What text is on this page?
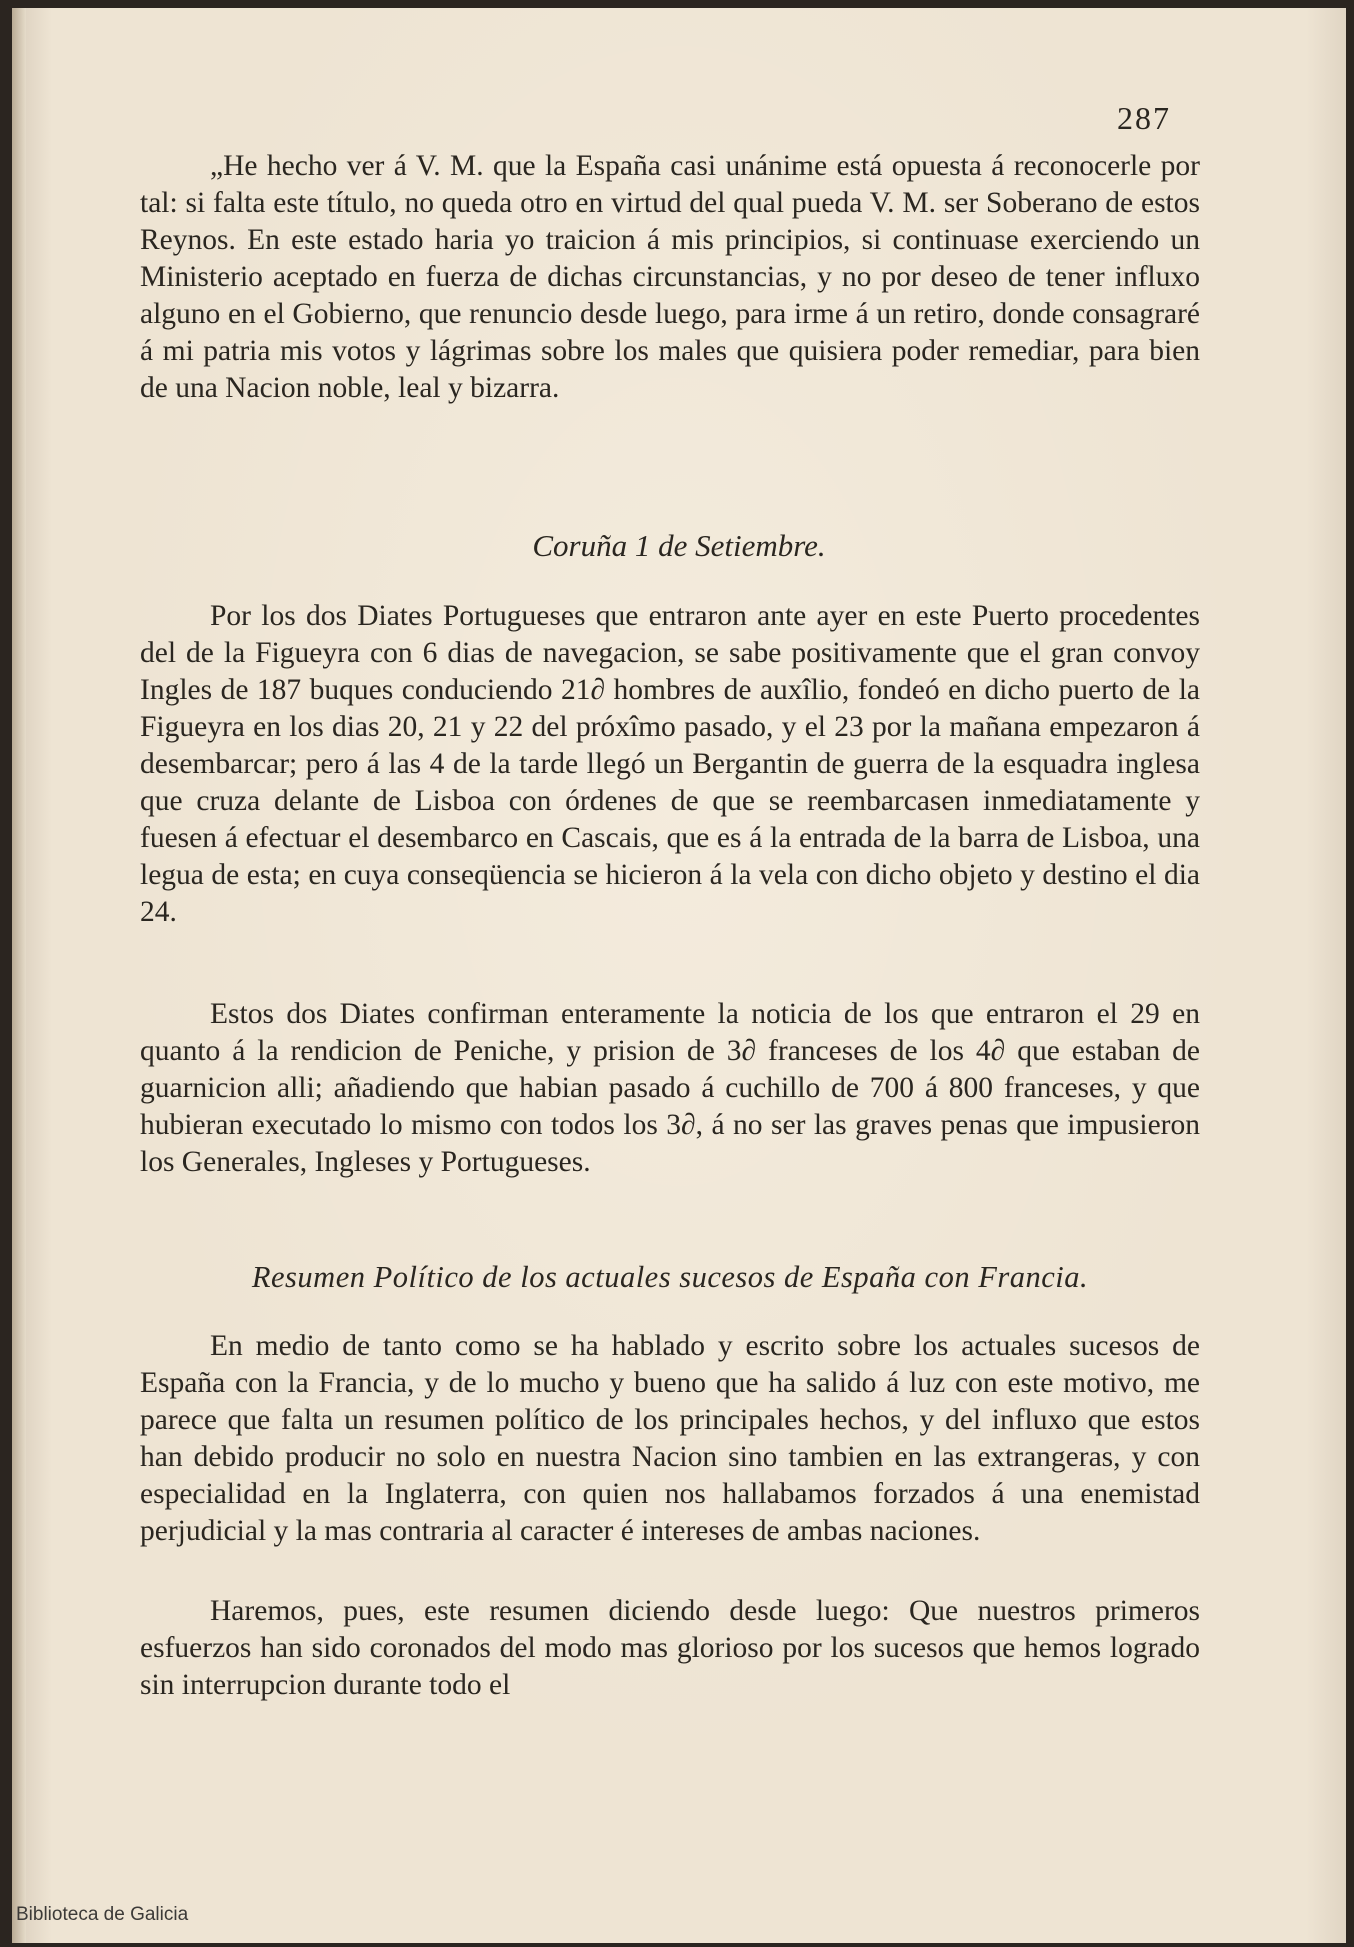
287

„He hecho ver á V. M. que la España casi unánime está opuesta á reconocerle por tal: si falta este título, no queda otro en virtud del qual pueda V. M. ser Soberano de estos Reynos. En este estado haria yo traicion á mis principios, si continuase exerciendo un Ministerio aceptado en fuerza de dichas circunstancias, y no por deseo de tener influxo alguno en el Gobierno, que renuncio desde luego, para irme á un retiro, donde consagraré á mi patria mis votos y lágrimas sobre los males que quisiera poder remediar, para bien de una Nacion noble, leal y bizarra.

Coruña 1 de Setiembre.

Por los dos Diates Portugueses que entraron ante ayer en este Puerto procedentes del de la Figueyra con 6 dias de navegacion, se sabe positivamente que el gran convoy Ingles de 187 buques conduciendo 21∂ hombres de auxîlio, fondeó en dicho puerto de la Figueyra en los dias 20, 21 y 22 del próxîmo pasado, y el 23 por la mañana empezaron á desembarcar; pero á las 4 de la tarde llegó un Bergantin de guerra de la esquadra inglesa que cruza delante de Lisboa con órdenes de que se reembarcasen inmediatamente y fuesen á efectuar el desembarco en Cascais, que es á la entrada de la barra de Lisboa, una legua de esta; en cuya conseqüencia se hicieron á la vela con dicho objeto y destino el dia 24.

Estos dos Diates confirman enteramente la noticia de los que entraron el 29 en quanto á la rendicion de Peniche, y prision de 3∂ franceses de los 4∂ que estaban de guarnicion alli; añadiendo que habian pasado á cuchillo de 700 á 800 franceses, y que hubieran executado lo mismo con todos los 3∂, á no ser las graves penas que impusieron los Generales, Ingleses y Portugueses.

Resumen Político de los actuales sucesos de España con Francia.

En medio de tanto como se ha hablado y escrito sobre los actuales sucesos de España con la Francia, y de lo mucho y bueno que ha salido á luz con este motivo, me parece que falta un resumen político de los principales hechos, y del influxo que estos han debido producir no solo en nuestra Nacion sino tambien en las extrangeras, y con especialidad en la Inglaterra, con quien nos hallabamos forzados á una enemistad perjudicial y la mas contraria al caracter é intereses de ambas naciones.

Haremos, pues, este resumen diciendo desde luego: Que nuestros primeros esfuerzos han sido coronados del modo mas glorioso por los sucesos que hemos logrado sin interrupcion durante todo el

Biblioteca de Galicia
